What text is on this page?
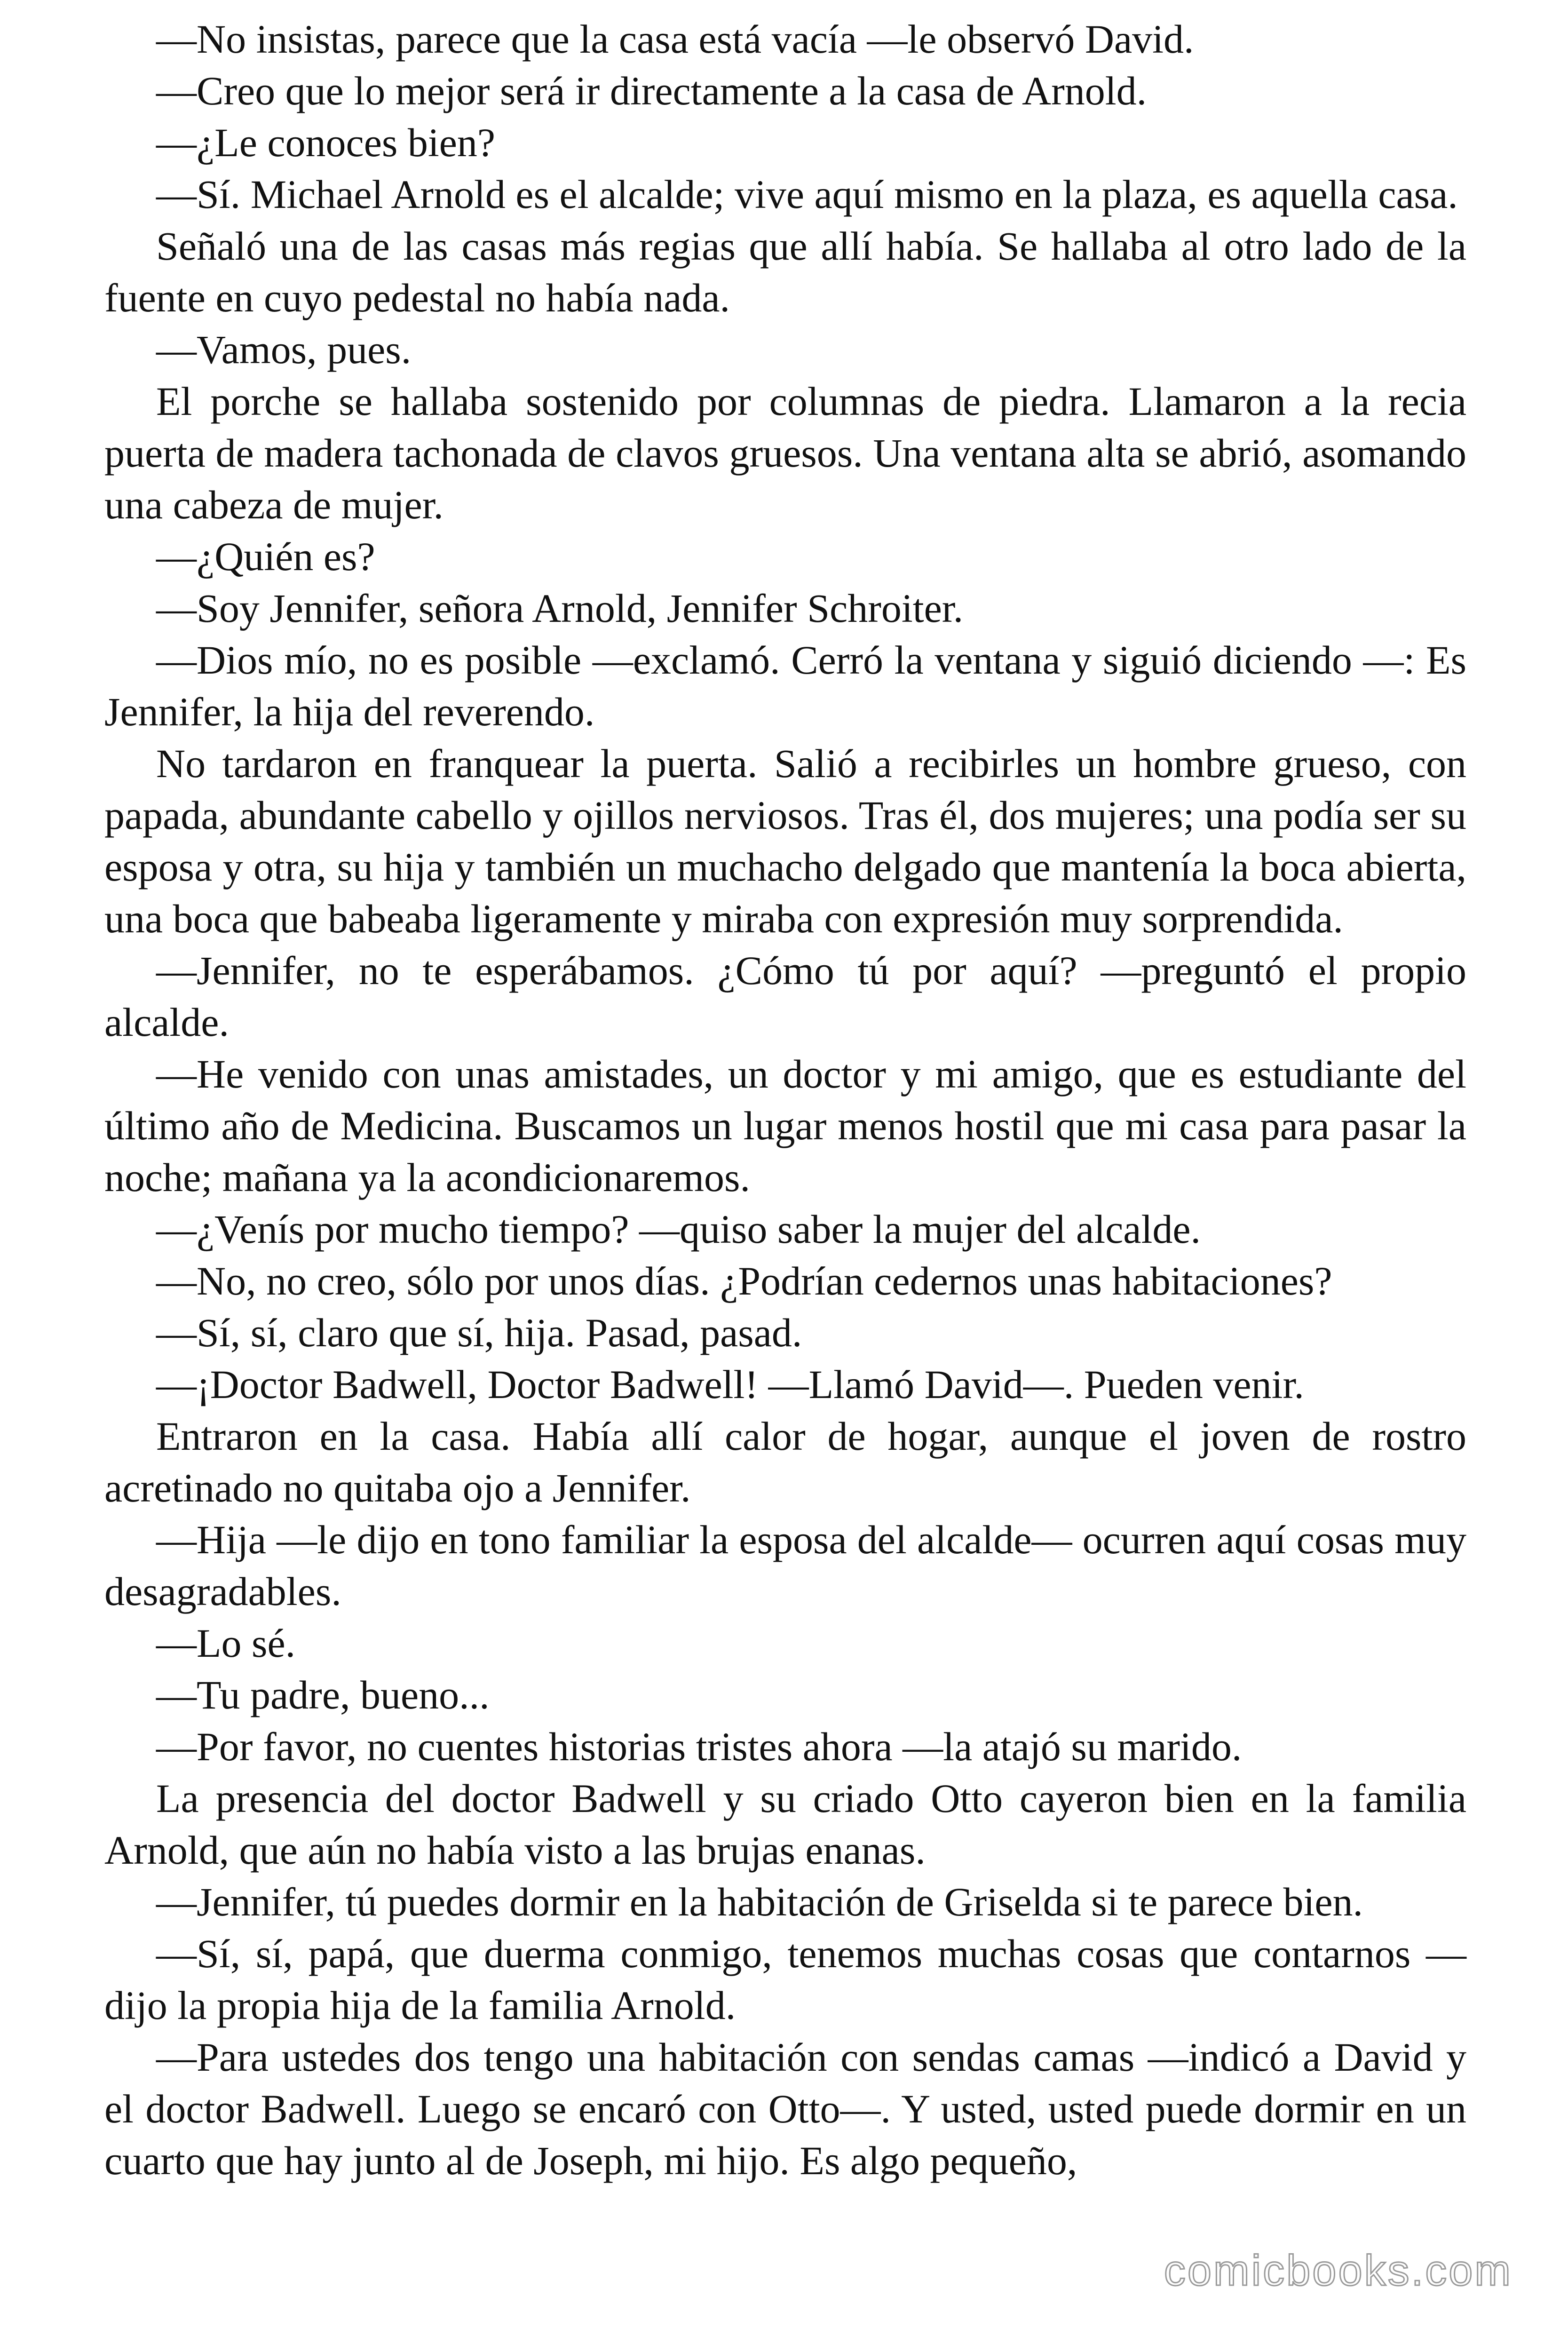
—No insistas, parece que la casa está vacía —le observó David.

—Creo que lo mejor será ir directamente a la casa de Arnold.

—¿Le conoces bien?

—Sí. Michael Arnold es el alcalde; vive aquí mismo en la plaza, es aquella casa.

Señaló una de las casas más regias que allí había. Se hallaba al otro lado de la fuente en cuyo pedestal no había nada.

—Vamos, pues.

El porche se hallaba sostenido por columnas de piedra. Llamaron a la recia puerta de madera tachonada de clavos gruesos. Una ventana alta se abrió, asomando una cabeza de mujer.

—¿Quién es?

—Soy Jennifer, señora Arnold, Jennifer Schroiter.

—Dios mío, no es posible —exclamó. Cerró la ventana y siguió diciendo —: Es Jennifer, la hija del reverendo.

No tardaron en franquear la puerta. Salió a recibirles un hombre grueso, con papada, abundante cabello y ojillos nerviosos. Tras él, dos mujeres; una podía ser su esposa y otra, su hija y también un muchacho delgado que mantenía la boca abierta, una boca que babeaba ligeramente y miraba con expresión muy sorprendida.

—Jennifer, no te esperábamos. ¿Cómo tú por aquí? —preguntó el propio alcalde.

—He venido con unas amistades, un doctor y mi amigo, que es estudiante del último año de Medicina. Buscamos un lugar menos hostil que mi casa para pasar la noche; mañana ya la acondicionaremos.

—¿Venís por mucho tiempo? —quiso saber la mujer del alcalde.

—No, no creo, sólo por unos días. ¿Podrían cedernos unas habitaciones?

—Sí, sí, claro que sí, hija. Pasad, pasad.

—¡Doctor Badwell, Doctor Badwell! —Llamó David—. Pueden venir.

Entraron en la casa. Había allí calor de hogar, aunque el joven de rostro acretinado no quitaba ojo a Jennifer.

—Hija —le dijo en tono familiar la esposa del alcalde— ocurren aquí cosas muy desagradables.

—Lo sé.

—Tu padre, bueno...

—Por favor, no cuentes historias tristes ahora —la atajó su marido.

La presencia del doctor Badwell y su criado Otto cayeron bien en la familia Arnold, que aún no había visto a las brujas enanas.

—Jennifer, tú puedes dormir en la habitación de Griselda si te parece bien.

—Sí, sí, papá, que duerma conmigo, tenemos muchas cosas que contarnos —dijo la propia hija de la familia Arnold.

—Para ustedes dos tengo una habitación con sendas camas —indicó a David y el doctor Badwell. Luego se encaró con Otto—. Y usted, usted puede dormir en un cuarto que hay junto al de Joseph, mi hijo. Es algo pequeño,

comicbooks.com
